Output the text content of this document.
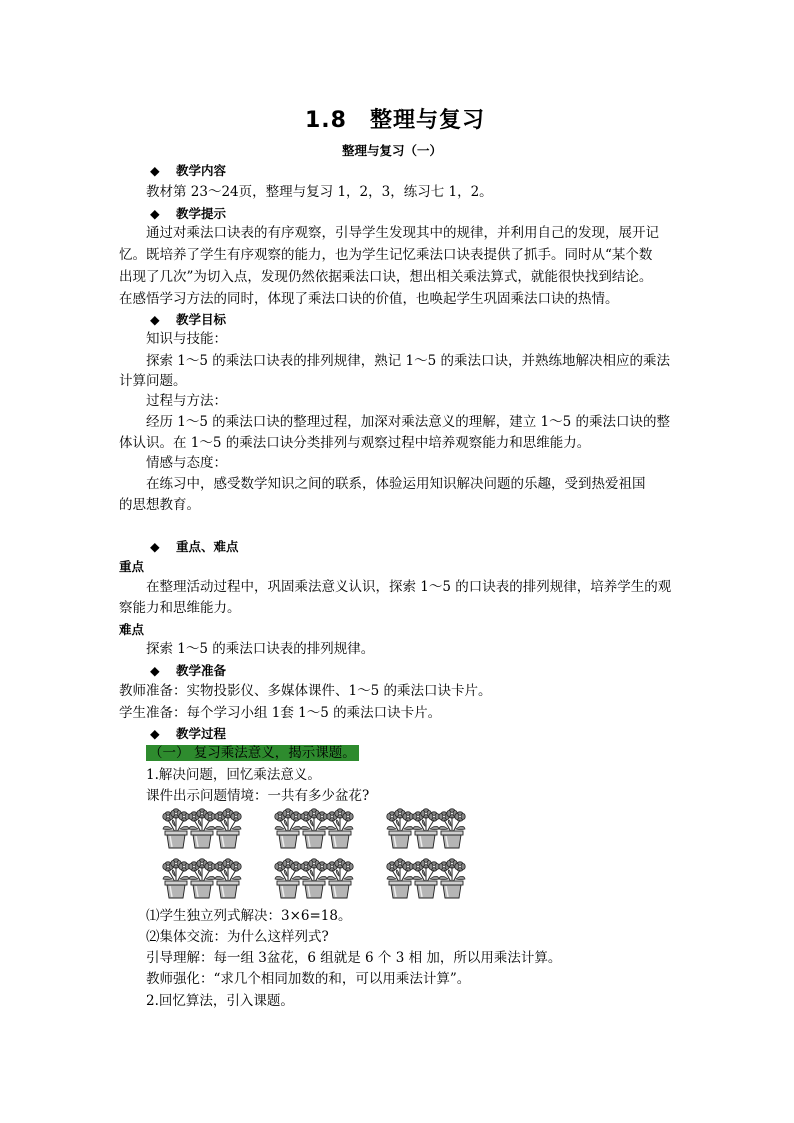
1.8　整理与复习
整理与复习（一）
◆ 教学内容
教材第 23～24页，整理与复习 1，2，3，练习七 1，2。
◆ 教学提示
通过对乘法口诀表的有序观察，引导学生发现其中的规律，并利用自己的发现，展开记
忆。既培养了学生有序观察的能力，也为学生记忆乘法口诀表提供了抓手。同时从“某个数
出现了几次”为切入点，发现仍然依据乘法口诀，想出相关乘法算式，就能很快找到结论。
在感悟学习方法的同时，体现了乘法口诀的价值，也唤起学生巩固乘法口诀的热情。
◆ 教学目标
知识与技能：
探索 1～5 的乘法口诀表的排列规律，熟记 1～5 的乘法口诀，并熟练地解决相应的乘法
计算问题。
过程与方法：
经历 1～5 的乘法口诀的整理过程，加深对乘法意义的理解，建立 1～5 的乘法口诀的整
体认识。在 1～5 的乘法口诀分类排列与观察过程中培养观察能力和思维能力。
情感与态度：
在练习中，感受数学知识之间的联系，体验运用知识解决问题的乐趣，受到热爱祖国
的思想教育。
◆ 重点、难点
重点
在整理活动过程中，巩固乘法意义认识，探索 1～5 的口诀表的排列规律，培养学生的观
察能力和思维能力。
难点
探索 1～5 的乘法口诀表的排列规律。
◆ 教学准备
教师准备：实物投影仪、多媒体课件、1～5 的乘法口诀卡片。
学生准备：每个学习小组 1套 1～5 的乘法口诀卡片。
◆ 教学过程
（一） 复习乘法意义，揭示课题。
1.解决问题，回忆乘法意义。
课件出示问题情境：一共有多少盆花?
⑴学生独立列式解决：3×6=18。
⑵集体交流：为什么这样列式?
引导理解：每一组 3盆花，6 组就是 6 个 3 相 加，所以用乘法计算。
教师强化：“求几个相同加数的和，可以用乘法计算”。
2.回忆算法，引入课题。
